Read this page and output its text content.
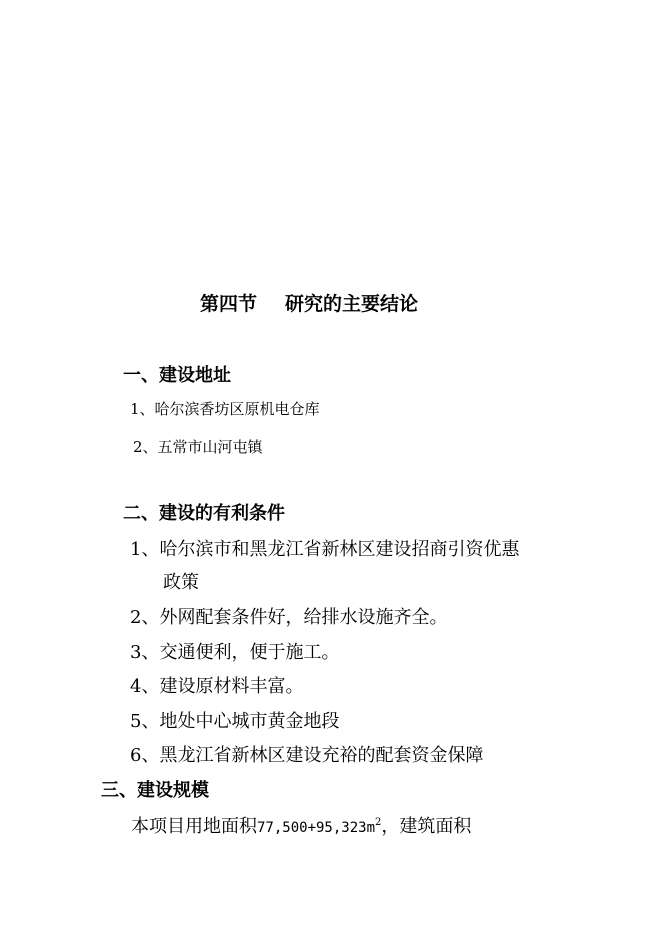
第四节 研究的主要结论
一、建设地址
1、哈尔滨香坊区原机电仓库
2、五常市山河屯镇
二、建设的有利条件
1、哈尔滨市和黑龙江省新林区建设招商引资优惠
政策
2、外网配套条件好，给排水设施齐全。
3、交通便利，便于施工。
4、建设原材料丰富。
5、地处中心城市黄金地段
6、黑龙江省新林区建设充裕的配套资金保障
三、建设规模
本项目用地面积$77,500+95,323m^2$，建筑面积
